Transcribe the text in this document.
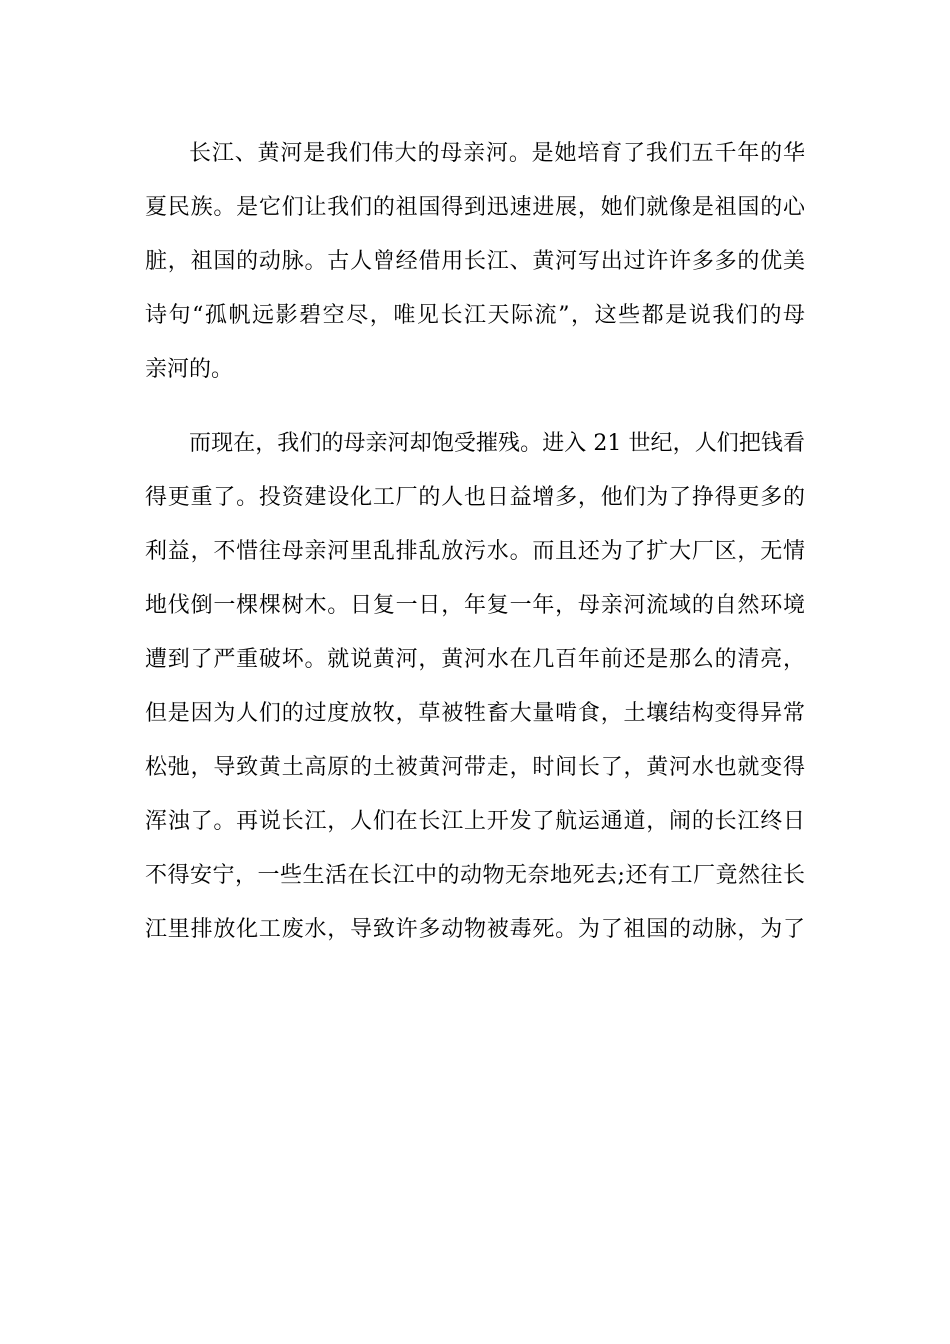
长江、黄河是我们伟大的母亲河。是她培育了我们五千年的华
夏民族。是它们让我们的祖国得到迅速进展，她们就像是祖国的心
脏，祖国的动脉。古人曾经借用长江、黄河写出过许许多多的优美
诗句“孤帆远影碧空尽，唯见长江天际流”，这些都是说我们的母
亲河的。
而现在，我们的母亲河却饱受摧残。进入 21 世纪，人们把钱看
得更重了。投资建设化工厂的人也日益增多，他们为了挣得更多的
利益，不惜往母亲河里乱排乱放污水。而且还为了扩大厂区，无情
地伐倒一棵棵树木。日复一日，年复一年，母亲河流域的自然环境
遭到了严重破坏。就说黄河，黄河水在几百年前还是那么的清亮，
但是因为人们的过度放牧，草被牲畜大量啃食，土壤结构变得异常
松弛，导致黄土高原的土被黄河带走，时间长了，黄河水也就变得
浑浊了。再说长江，人们在长江上开发了航运通道，闹的长江终日
不得安宁，一些生活在长江中的动物无奈地死去;还有工厂竟然往长
江里排放化工废水，导致许多动物被毒死。为了祖国的动脉，为了
